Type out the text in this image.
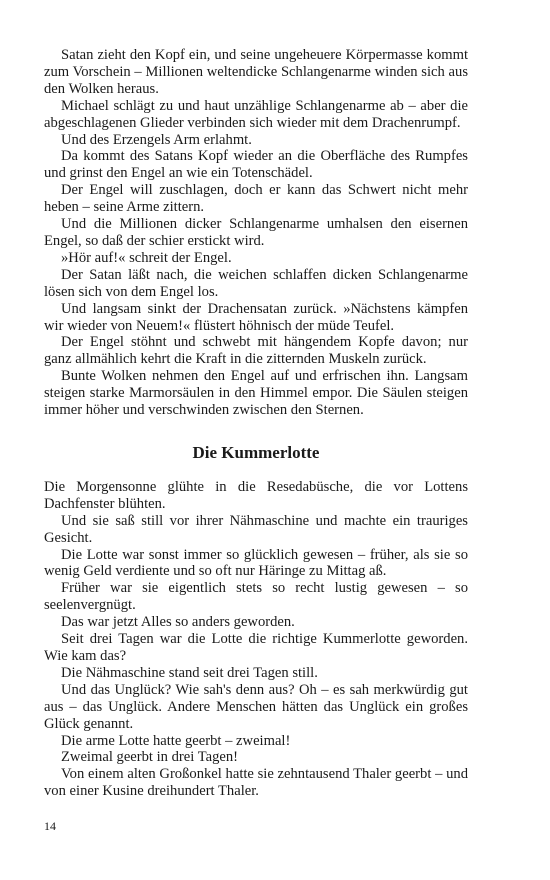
Satan zieht den Kopf ein, und seine ungeheuere Körpermasse kommt zum Vorschein – Millionen weltendicke Schlangenarme winden sich aus den Wolken heraus.

Michael schlägt zu und haut unzählige Schlangenarme ab – aber die abgeschlagenen Glieder verbinden sich wieder mit dem Drachenrumpf.

Und des Erzengels Arm erlahmt.

Da kommt des Satans Kopf wieder an die Oberfläche des Rumpfes und grinst den Engel an wie ein Totenschädel.

Der Engel will zuschlagen, doch er kann das Schwert nicht mehr heben – seine Arme zittern.

Und die Millionen dicker Schlangenarme umhalsen den eisernen Engel, so daß der schier erstickt wird.

»Hör auf!« schreit der Engel.

Der Satan läßt nach, die weichen schlaffen dicken Schlangenarme lösen sich von dem Engel los.

Und langsam sinkt der Drachensatan zurück. »Nächstens kämpfen wir wieder von Neuem!« flüstert höhnisch der müde Teufel.

Der Engel stöhnt und schwebt mit hängendem Kopfe davon; nur ganz allmählich kehrt die Kraft in die zitternden Muskeln zurück.

Bunte Wolken nehmen den Engel auf und erfrischen ihn. Langsam steigen starke Marmorsäulen in den Himmel empor. Die Säulen steigen immer höher und verschwinden zwischen den Sternen.

Die Kummerlotte

Die Morgensonne glühte in die Resedabüsche, die vor Lottens Dachfenster blühten.

Und sie saß still vor ihrer Nähmaschine und machte ein trauriges Gesicht.

Die Lotte war sonst immer so glücklich gewesen – früher, als sie so wenig Geld verdiente und so oft nur Häringe zu Mittag aß.

Früher war sie eigentlich stets so recht lustig gewesen – so seelenvergnügt.

Das war jetzt Alles so anders geworden.

Seit drei Tagen war die Lotte die richtige Kummerlotte geworden. Wie kam das?

Die Nähmaschine stand seit drei Tagen still.

Und das Unglück? Wie sah's denn aus? Oh – es sah merkwürdig gut aus – das Unglück. Andere Menschen hätten das Unglück ein großes Glück genannt.

Die arme Lotte hatte geerbt – zweimal!

Zweimal geerbt in drei Tagen!

Von einem alten Großonkel hatte sie zehntausend Thaler geerbt – und von einer Kusine dreihundert Thaler.

14
